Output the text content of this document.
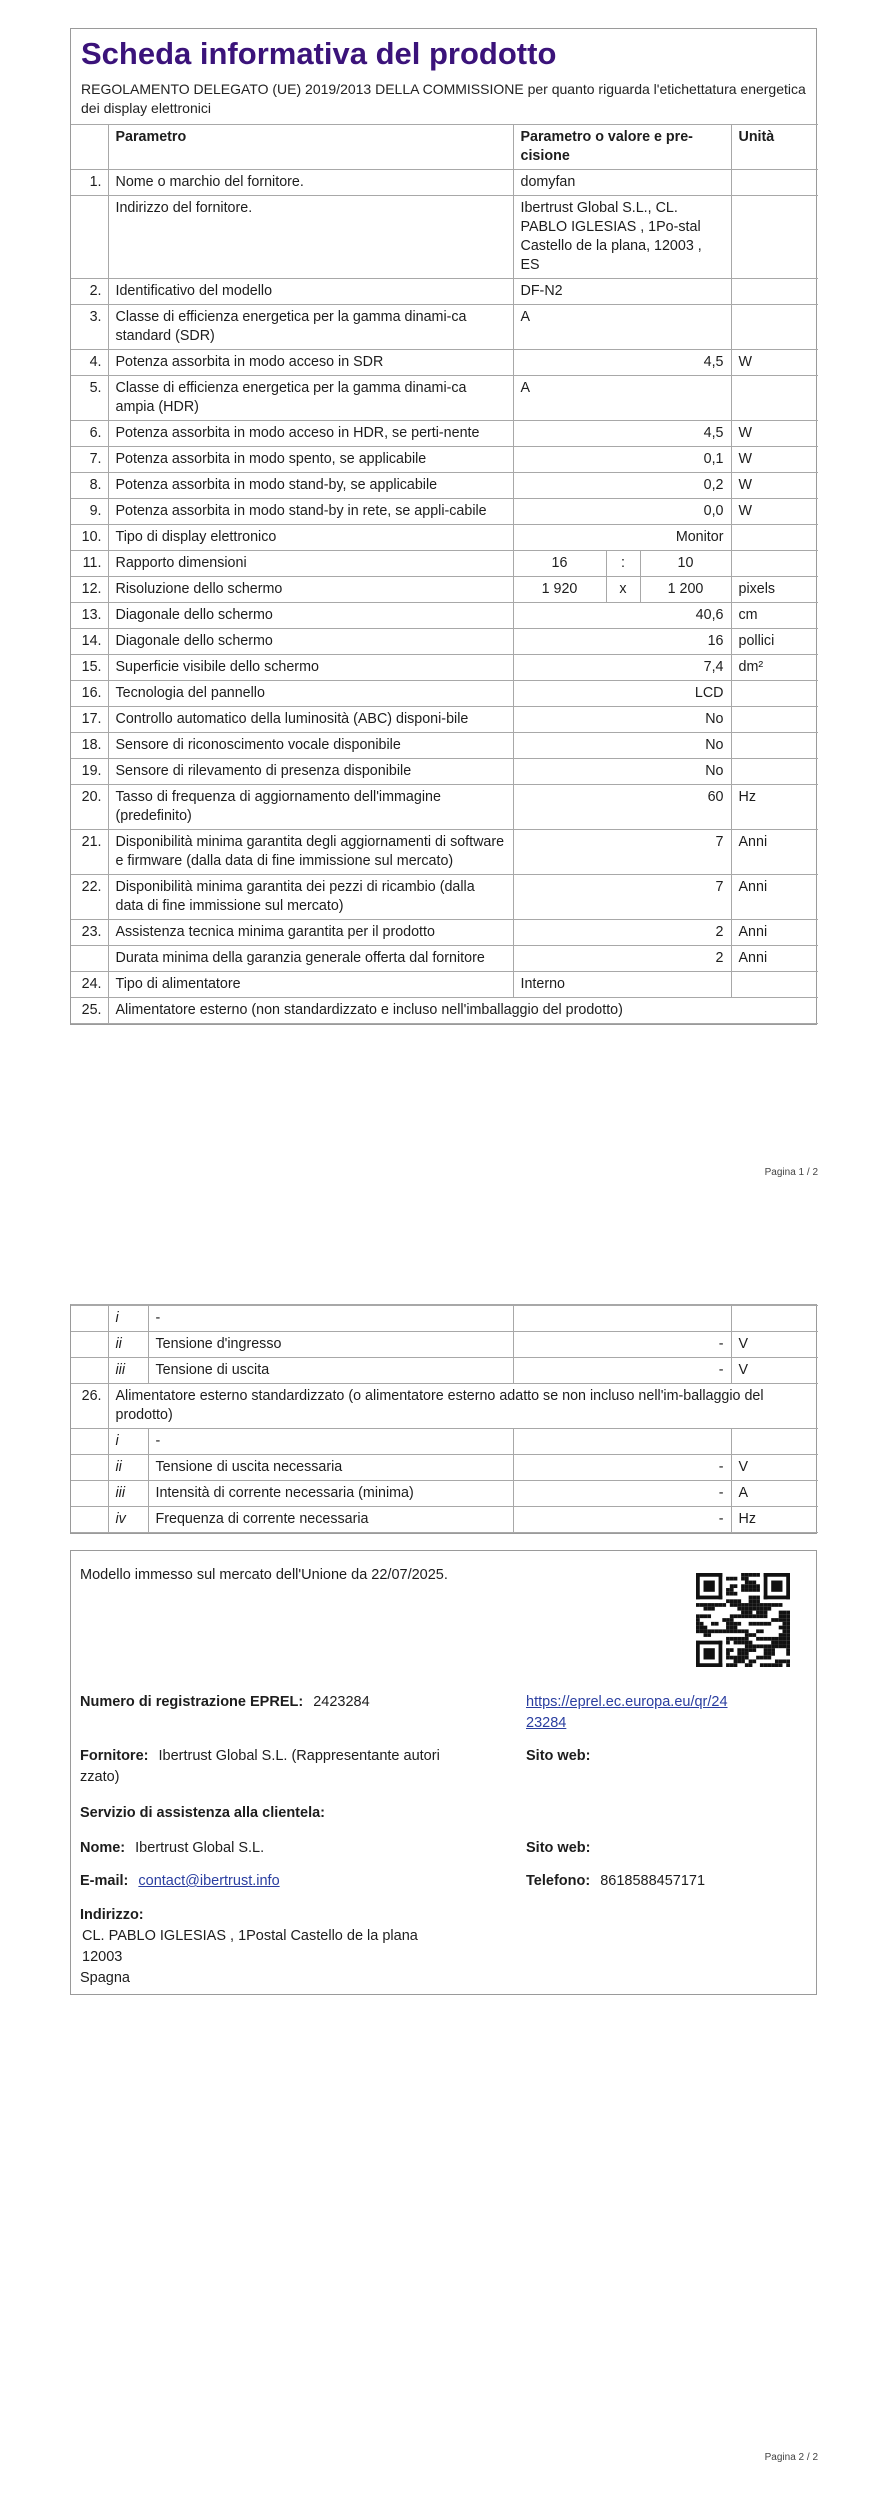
Scheda informativa del prodotto
REGOLAMENTO DELEGATO (UE) 2019/2013 DELLA COMMISSIONE per quanto riguarda l'etichettatura energetica dei display elettronici
	Parametro	Parametro o valore e pre-cisione	Unità
1.	Nome o marchio del fornitore.	domyfan	
	Indirizzo del fornitore.	Ibertrust Global S.L., CL. PABLO IGLESIAS , 1Po-stal Castello de la plana, 12003 , ES	
2.	Identificativo del modello	DF-N2	
3.	Classe di efficienza energetica per la gamma dinami-ca standard (SDR)	A	
4.	Potenza assorbita in modo acceso in SDR	4,5	W
5.	Classe di efficienza energetica per la gamma dinami-ca ampia (HDR)	A	
6.	Potenza assorbita in modo acceso in HDR, se perti-nente	4,5	W
7.	Potenza assorbita in modo spento, se applicabile	0,1	W
8.	Potenza assorbita in modo stand-by, se applicabile	0,2	W
9.	Potenza assorbita in modo stand-by in rete, se appli-cabile	0,0	W
10.	Tipo di display elettronico	Monitor	
11.	Rapporto dimensioni	16 : 10	

12.	Risoluzione dello schermo	1 920 x 1 200	pixels
13.	Diagonale dello schermo	40,6	cm
14.	Diagonale dello schermo	16	pollici
15.	Superficie visibile dello schermo	7,4	dm²
16.	Tecnologia del pannello	LCD	
17.	Controllo automatico della luminosità (ABC) disponi-bile	No	
18.	Sensore di riconoscimento vocale disponibile	No	
19.	Sensore di rilevamento di presenza disponibile	No	
20.	Tasso di frequenza di aggiornamento dell'immagine (predefinito)	60	Hz
21.	Disponibilità minima garantita degli aggiornamenti di software e firmware (dalla data di fine immissione sul mercato)	7	Anni
22.	Disponibilità minima garantita dei pezzi di ricambio (dalla data di fine immissione sul mercato)	7	Anni
23.	Assistenza tecnica minima garantita per il prodotto	2	Anni
	Durata minima della garanzia generale offerta dal fornitore	2	Anni
24.	Tipo di alimentatore	Interno	
25.	Alimentatore esterno (non standardizzato e incluso nell'imballaggio del prodotto)		
Pagina 1 / 2
	i	-		
	ii	Tensione d'ingresso	-	V
	iii	Tensione di uscita	-	V
26.	Alimentatore esterno standardizzato (o alimentatore esterno adatto se non incluso nell'im-ballaggio del prodotto)			
	i	-		
	ii	Tensione di uscita necessaria	-	V
	iii	Intensità di corrente necessaria (minima)	-	A
	iv	Frequenza di corrente necessaria	-	Hz
Modello immesso sul mercato dell'Unione da 22/07/2025.
Numero di registrazione EPREL: 2423284	https://eprel.ec.europa.eu/qr/24
23284
Fornitore: Ibertrust Global S.L. (Rappresentante autori
zzato)
Sito web:
Servizio di assistenza alla clientela:
Nome: Ibertrust Global S.L.	Sito web:
E-mail: contact@ibertrust.info	Telefono: 8618588457171
Indirizzo:
CL. PABLO IGLESIAS , 1Postal Castello de la plana
12003
Spagna
Pagina 2 / 2
